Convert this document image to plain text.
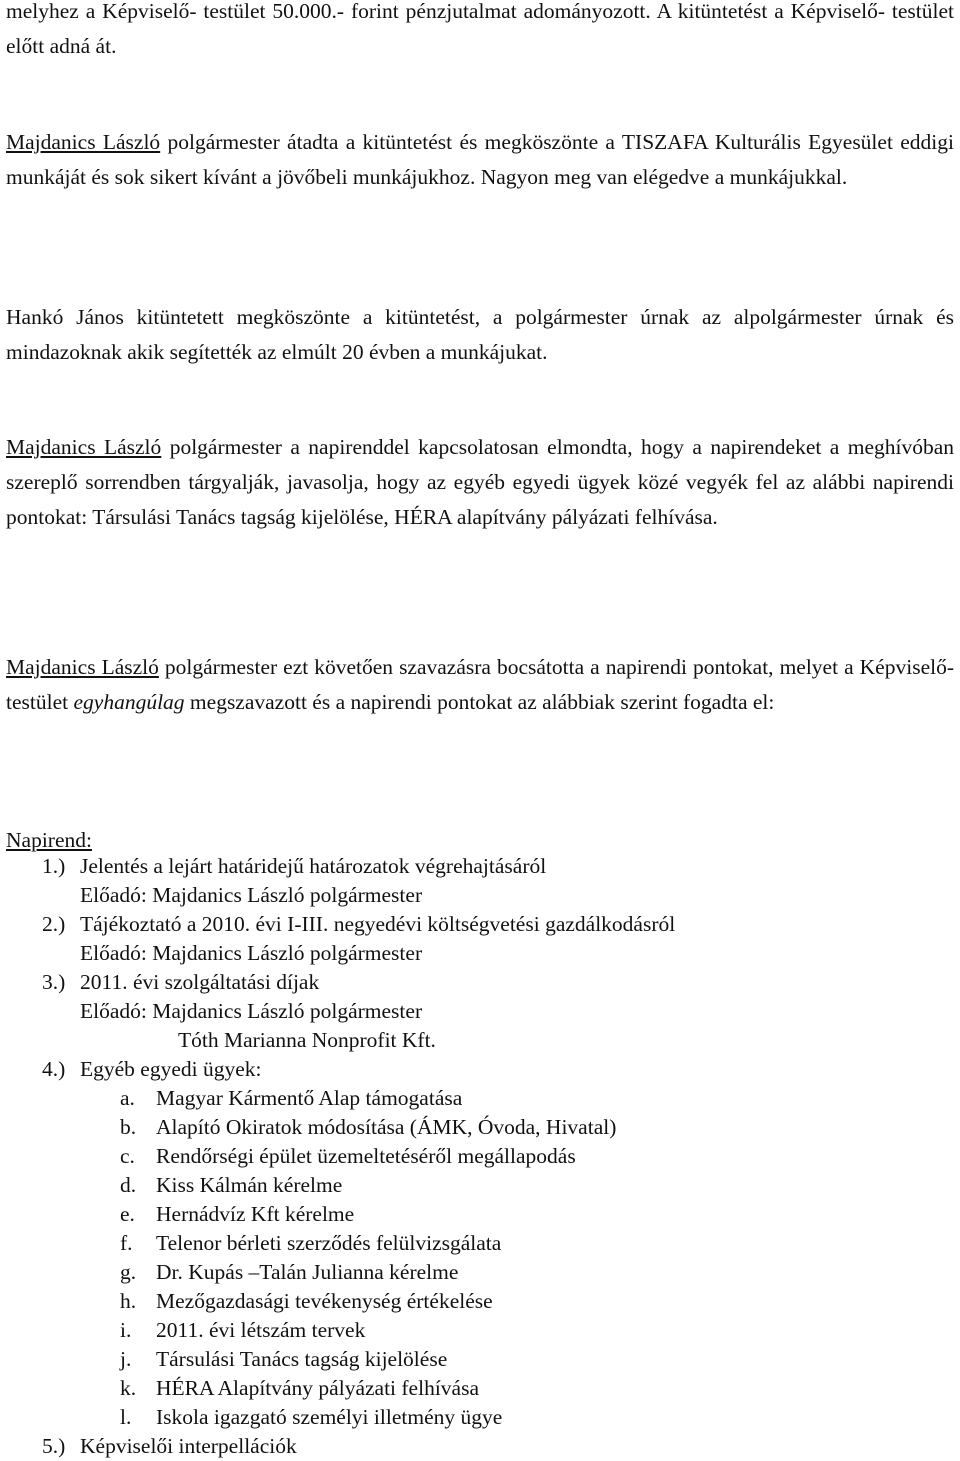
melyhez a Képviselő- testület 50.000.- forint pénzjutalmat adományozott. A kitüntetést a Képviselő- testület előtt adná át.

Majdanics László polgármester átadta a kitüntetést és megköszönte a TISZAFA Kulturális Egyesület eddigi munkáját és sok sikert kívánt a jövőbeli munkájukhoz. Nagyon meg van elégedve a munkájukkal.

Hankó János kitüntetett megköszönte a kitüntetést, a polgármester úrnak az alpolgármester úrnak és mindazoknak akik segítették az elmúlt 20 évben a munkájukat.

Majdanics László polgármester a napirenddel kapcsolatosan elmondta, hogy a napirendeket a meghívóban szereplő sorrendben tárgyalják, javasolja, hogy az egyéb egyedi ügyek közé vegyék fel az alábbi napirendi pontokat: Társulási Tanács tagság kijelölése, HÉRA alapítvány pályázati felhívása.

Majdanics László polgármester ezt követően szavazásra bocsátotta a napirendi pontokat, melyet a Képviselő- testület egyhangúlag megszavazott és a napirendi pontokat az alábbiak szerint fogadta el:

Napirend:
1.) Jelentés a lejárt határidejű határozatok végrehajtásáról
Előadó: Majdanics László polgármester
2.) Tájékoztató a 2010. évi I-III. negyedévi költségvetési gazdálkodásról
Előadó: Majdanics László polgármester
3.) 2011. évi szolgáltatási díjak
Előadó: Majdanics László polgármester
Tóth Marianna Nonprofit Kft.
4.) Egyéb egyedi ügyek:
a. Magyar Kármentő Alap támogatása
b. Alapító Okiratok módosítása (ÁMK, Óvoda, Hivatal)
c. Rendőrségi épület üzemeltetéséről megállapodás
d. Kiss Kálmán kérelme
e. Hernádvíz Kft kérelme
f. Telenor bérleti szerződés felülvizsgálata
g. Dr. Kupás –Talán Julianna kérelme
h. Mezőgazdasági tevékenység értékelése
i. 2011. évi létszám tervek
j. Társulási Tanács tagság kijelölése
k. HÉRA Alapítvány pályázati felhívása
l. Iskola igazgató személyi illetmény ügye
5.) Képviselői interpellációk
